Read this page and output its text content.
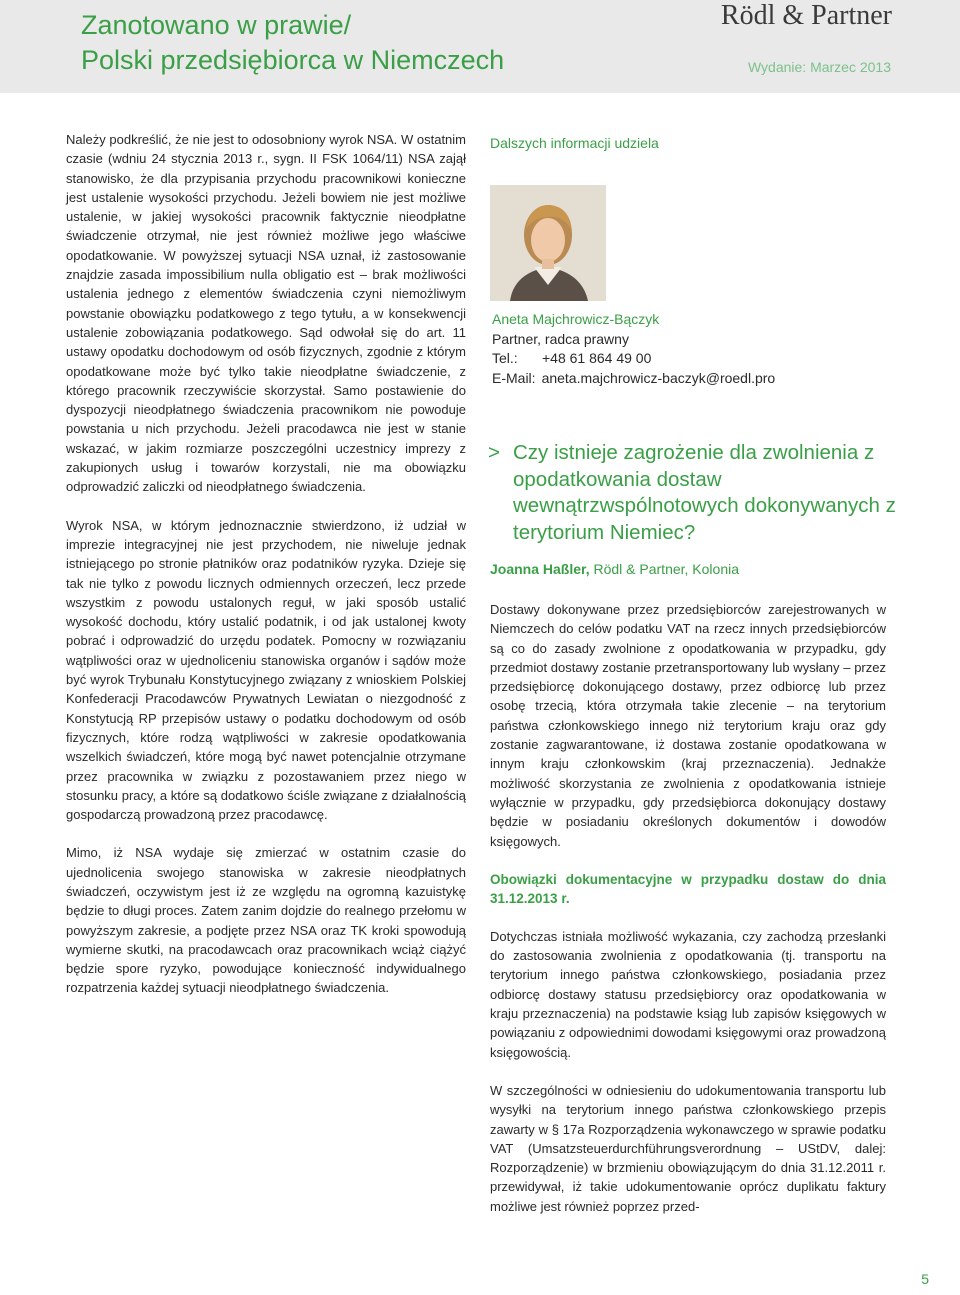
Zanotowano w prawie/
Polski przedsiębiorca w Niemczech
Rödl & Partner
Wydanie: Marzec 2013

Należy podkreślić, że nie jest to odosobniony wyrok NSA. W ostatnim czasie (wdniu 24 stycznia 2013 r., sygn. II FSK 1064/11) NSA zajął stanowisko, że dla przypisania przychodu pracownikowi konieczne jest ustalenie wysokości przychodu. Jeżeli bowiem nie jest możliwe ustalenie, w jakiej wysokości pracownik faktycznie nieodpłatne świadczenie otrzymał, nie jest również możliwe jego właściwe opodatkowanie. W powyższej sytuacji NSA uznał, iż zastosowanie znajdzie zasada impossibilium nulla obligatio est – brak możliwości ustalenia jednego z elementów świadczenia czyni niemożliwym powstanie obowiązku podatkowego z tego tytułu, a w konsekwencji ustalenie zobowiązania podatkowego. Sąd odwołał się do art. 11 ustawy opodatku dochodowym od osób fizycznych, zgodnie z którym opodatkowane może być tylko takie nieodpłatne świadczenie, z którego pracownik rzeczywiście skorzystał. Samo postawienie do dyspozycji nieodpłatnego świadczenia pracownikom nie powoduje powstania u nich przychodu. Jeżeli pracodawca nie jest w stanie wskazać, w jakim rozmiarze poszczególni uczestnicy imprezy z zakupionych usług i towarów korzystali, nie ma obowiązku odprowadzić zaliczki od nieodpłatnego świadczenia.

Wyrok NSA, w którym jednoznacznie stwierdzono, iż udział w imprezie integracyjnej nie jest przychodem, nie niweluje jednak istniejącego po stronie płatników oraz podatników ryzyka. Dzieje się tak nie tylko z powodu licznych odmiennych orzeczeń, lecz przede wszystkim z powodu ustalonych reguł, w jaki sposób ustalić wysokość dochodu, który ustalić podatnik, i od jak ustalonej kwoty pobrać i odprowadzić do urzędu podatek. Pomocny w rozwiązaniu wątpliwości oraz w ujednoliceniu stanowiska organów i sądów może być wyrok Trybunału Konstytucyjnego związany z wnioskiem Polskiej Konfederacji Pracodawców Prywatnych Lewiatan o niezgodność z Konstytucją RP przepisów ustawy o podatku dochodowym od osób fizycznych, które rodzą wątpliwości w zakresie opodatkowania wszelkich świadczeń, które mogą być nawet potencjalnie otrzymane przez pracownika w związku z pozostawaniem przez niego w stosunku pracy, a które są dodatkowo ściśle związane z działalnością gospodarczą prowadzoną przez pracodawcę.

Mimo, iż NSA wydaje się zmierzać w ostatnim czasie do ujednolicenia swojego stanowiska w zakresie nieodpłatnych świadczeń, oczywistym jest iż ze względu na ogromną kazuistykę będzie to długi proces. Zatem zanim dojdzie do realnego przełomu w powyższym zakresie, a podjęte przez NSA oraz TK kroki spowodują wymierne skutki, na pracodawcach oraz pracownikach wciąż ciążyć będzie spore ryzyko, powodujące konieczność indywidualnego rozpatrzenia każdej sytuacji nieodpłatnego świadczenia.

Dalszych informacji udziela

Aneta Majchrowicz-Bączyk
Partner, radca prawny
Tel.:	+48 61 864 49 00
E-Mail: aneta.majchrowicz-baczyk@roedl.pro
> Czy istnieje zagrożenie dla zwolnienia z opodatkowania dostaw wewnątrzwspólnotowych dokonywanych z terytorium Niemiec?
Joanna Haßler, Rödl & Partner, Kolonia

Dostawy dokonywane przez przedsiębiorców zarejestrowanych w Niemczech do celów podatku VAT na rzecz innych przedsiębiorców są co do zasady zwolnione z opodatkowania w przypadku, gdy przedmiot dostawy zostanie przetransportowany lub wysłany – przez przedsiębiorcę dokonującego dostawy, przez odbiorcę lub przez osobę trzecią, która otrzymała takie zlecenie – na terytorium państwa członkowskiego innego niż terytorium kraju oraz gdy zostanie zagwarantowane, iż dostawa zostanie opodatkowana w innym kraju członkowskim (kraj przeznaczenia). Jednakże możliwość skorzystania ze zwolnienia z opodatkowania istnieje wyłącznie w przypadku, gdy przedsiębiorca dokonujący dostawy będzie w posiadaniu określonych dokumentów i dowodów księgowych.

Obowiązki dokumentacyjne w przypadku dostaw do dnia 31.12.2013 r.

Dotychczas istniała możliwość wykazania, czy zachodzą przesłanki do zastosowania zwolnienia z opodatkowania (tj. transportu na terytorium innego państwa członkowskiego, posiadania przez odbiorcę dostawy statusu przedsiębiorcy oraz opodatkowania w kraju przeznaczenia) na podstawie ksiąg lub zapisów księgowych w powiązaniu z odpowiednimi dowodami księgowymi oraz prowadzoną księgowością.

W szczególności w odniesieniu do udokumentowania transportu lub wysyłki na terytorium innego państwa członkowskiego przepis zawarty w § 17a Rozporządzenia wykonawczego w sprawie podatku VAT (Umsatzsteuerdurchführungsverordnung – UStDV, dalej: Rozporządzenie) w brzmieniu obowiązującym do dnia 31.12.2011 r. przewidywał, iż takie udokumentowanie oprócz duplikatu faktury możliwe jest również poprzez przed-

5
